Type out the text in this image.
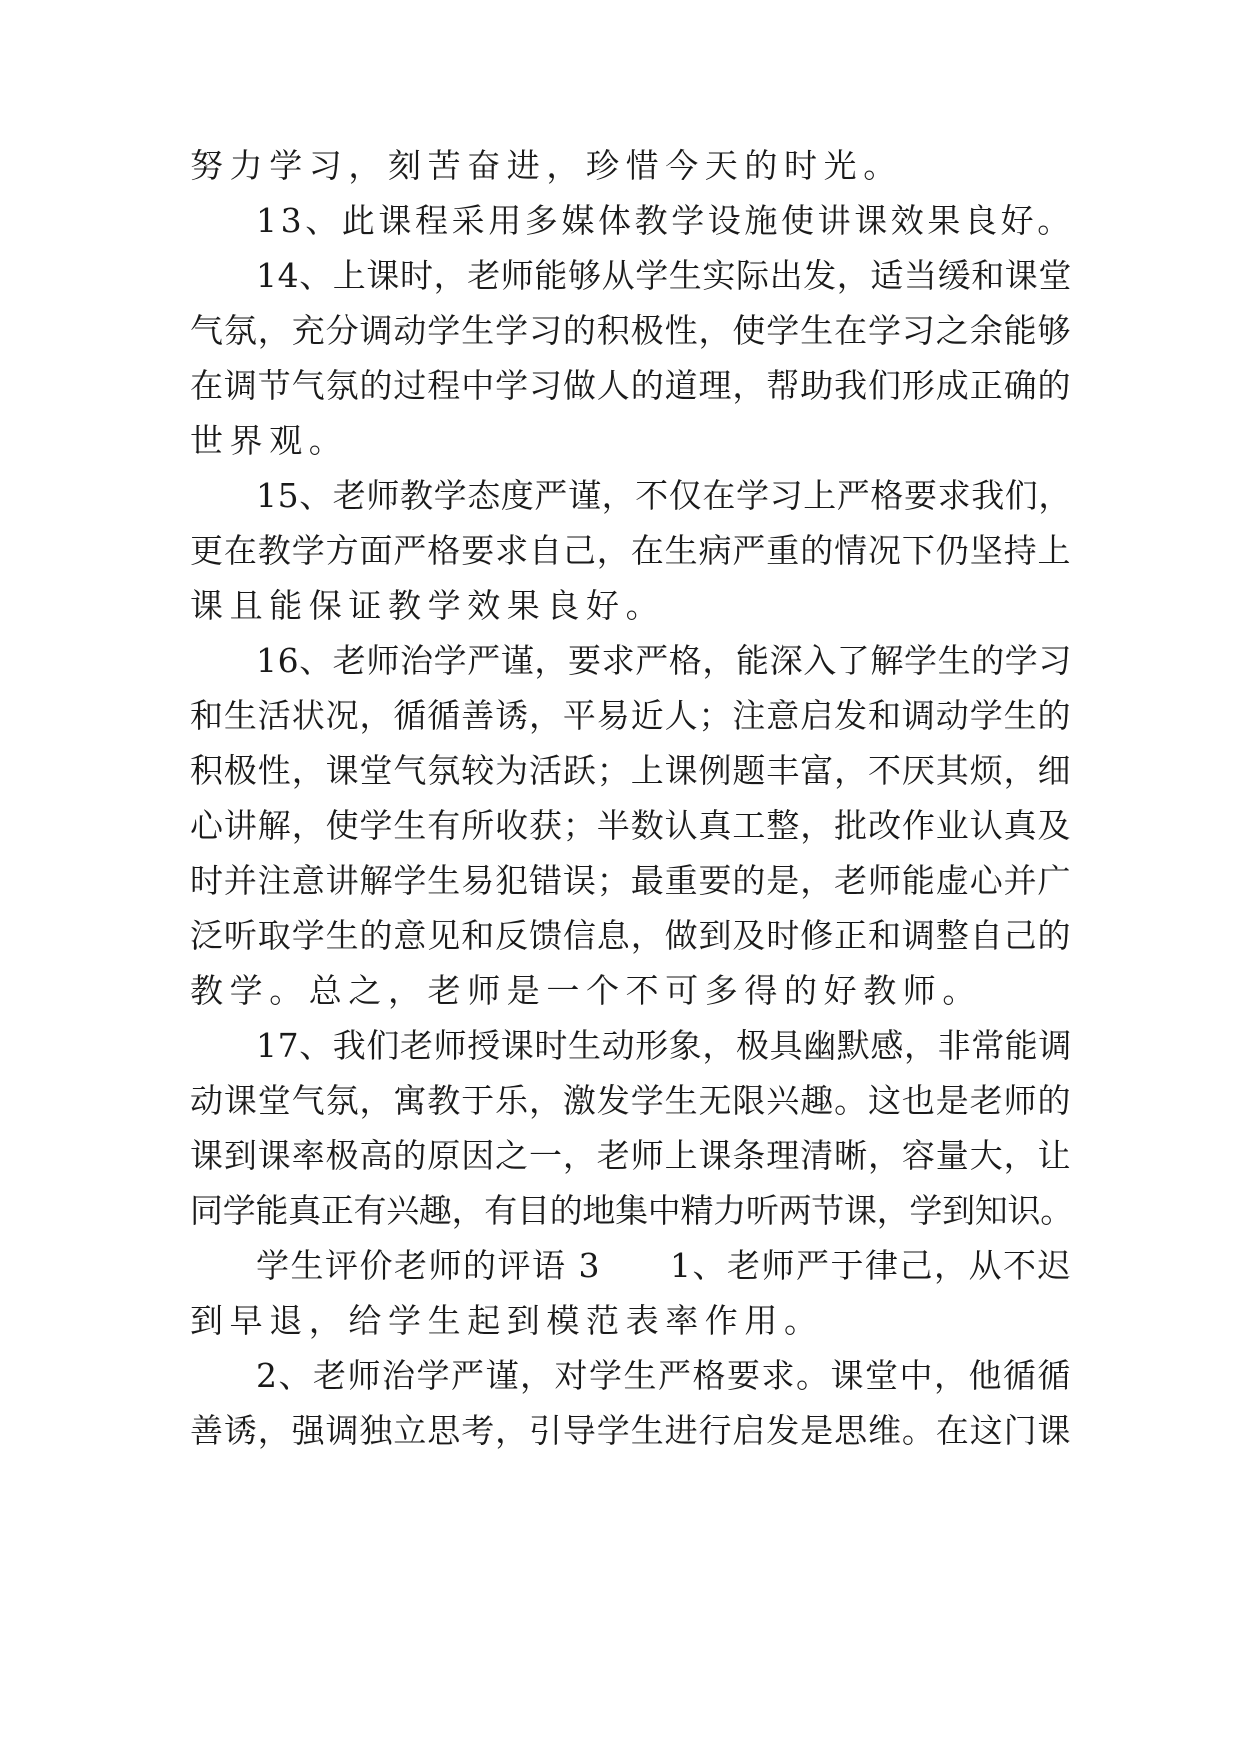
努力学习，刻苦奋进，珍惜今天的时光。
13、此课程采用多媒体教学设施使讲课效果良好。
14、上课时，老师能够从学生实际出发，适当缓和课堂
气氛，充分调动学生学习的积极性，使学生在学习之余能够
在调节气氛的过程中学习做人的道理，帮助我们形成正确的
世界观。
15、老师教学态度严谨，不仅在学习上严格要求我们，
更在教学方面严格要求自己，在生病严重的情况下仍坚持上
课且能保证教学效果良好。
16、老师治学严谨，要求严格，能深入了解学生的学习
和生活状况，循循善诱，平易近人；注意启发和调动学生的
积极性，课堂气氛较为活跃；上课例题丰富，不厌其烦，细
心讲解，使学生有所收获；半数认真工整，批改作业认真及
时并注意讲解学生易犯错误；最重要的是，老师能虚心并广
泛听取学生的意见和反馈信息，做到及时修正和调整自己的
教学。总之，老师是一个不可多得的好教师。
17、我们老师授课时生动形象，极具幽默感，非常能调
动课堂气氛，寓教于乐，激发学生无限兴趣。这也是老师的
课到课率极高的原因之一，老师上课条理清晰，容量大，让
同学能真正有兴趣，有目的地集中精力听两节课，学到知识。
学生评价老师的评语 3　　1、老师严于律己，从不迟
到早退，给学生起到模范表率作用。
2、老师治学严谨，对学生严格要求。课堂中，他循循
善诱，强调独立思考，引导学生进行启发是思维。在这门课
